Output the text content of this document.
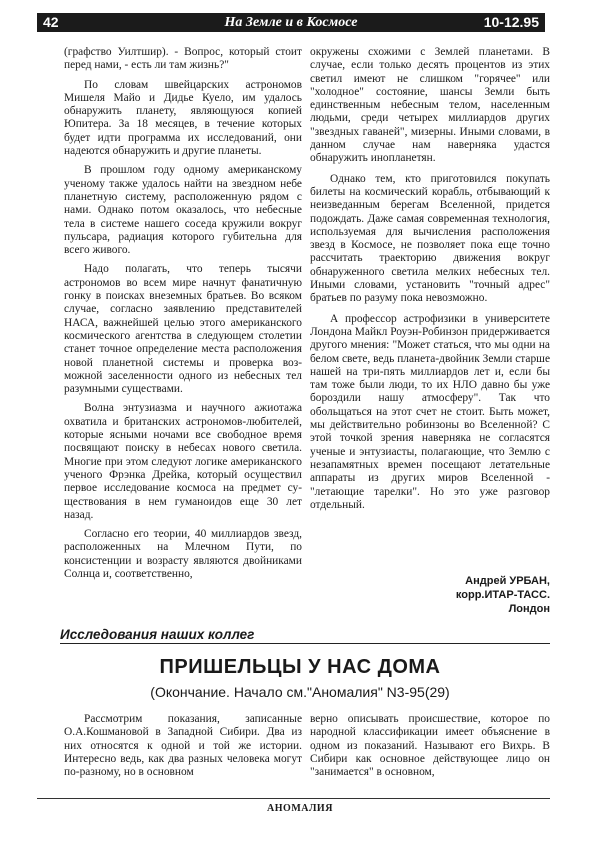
42	На Земле и в Космосе	10-12.95

(графство Уилтшир). - Вопрос, который стоит перед нами, - есть ли там жизнь?"

По словам швейцарских астрономов Мишеля Майо и Дидье Куело, им удалось обнаружить планету, являющуюся копией Юпитера. За 18 месяцев, в течение которых будет идти программа их исследований, они надеются обнаружить и другие планеты.

В прошлом году одному американскому ученому также удалось найти на звездном небе планетную систему, расположенную рядом с нами. Однако потом оказалось, что небесные тела в системе нашего соседа кружили вокруг пульсара, радиация которого губительна для всего живого.

Надо полагать, что теперь тысячи астрономов во всем мире начнут фанатичную гонку в поисках внеземных братьев. Во всяком случае, согласно заявлению представителей НАСА, важнейшей целью этого американского космического агентства в следующем столетии станет точное определение места расположения новой планетной системы и проверка возможной заселенности одного из небесных тел разумными существами.

Волна энтузиазма и научного ажиотажа охватила и британских астрономов-любителей, которые ясными ночами все свободное время посвящают поиску в небесах нового светила. Многие при этом следуют логике американского ученого Фрэнка Дрейка, который осуществил первое исследование космоса на предмет существования в нем гуманоидов еще 30 лет назад.

Согласно его теории, 40 миллиардов звезд, расположенных на Млечном Пути, по консистенции и возрасту являются двойниками Солнца и, соответственно,

окружены схожими с Землей планетами. В случае, если только десять процентов из этих светил имеют не слишком "горячее" или "холодное" состояние, шансы Земли быть единственным небесным телом, населенным людьми, среди четырех миллиардов других "звездных гаваней", мизерны. Иными словами, в данном случае нам наверняка удастся обнаружить инопланетян.

Однако тем, кто приготовился покупать билеты на космический корабль, отбывающий к неизведанным берегам Вселенной, придется подождать. Даже самая современная технология, используемая для вычисления расположения звезд в Космосе, не позволяет пока еще точно рассчитать траекторию движения вокруг обнаруженного светила мелких небесных тел. Иными словами, установить "точный адрес" братьев по разуму пока невозможно.

А профессор астрофизики в университете Лондона Майкл Роуэн-Робинзон придерживается другого мнения: "Может статься, что мы одни на белом свете, ведь планета-двойник Земли старше нашей на три-пять миллиардов лет и, если бы там тоже были люди, то их НЛО давно бы уже бороздили нашу атмосферу". Так что обольщаться на этот счет не стоит. Быть может, мы действительно робинзоны во Вселенной? С этой точкой зрения наверняка не согласятся ученые и энтузиасты, полагающие, что Землю с незапамятных времен посещают летательные аппараты из других миров Вселенной - "летающие тарелки". Но это уже разговор отдельный.

Андрей УРБАН,
корр.ИТАР-ТАСС.
Лондон
Исследования наших коллег
ПРИШЕЛЬЦЫ У НАС ДОМА
(Окончание. Начало см."Аномалия" N3-95(29)

Рассмотрим показания, записанные О.А.Кошмановой в Западной Сибири. Два из них относятся к одной и той же истории. Интересно ведь, как два разных человека могут по-разному, но в основном

верно описывать происшествие, которое по народной классификации имеет объяснение в одном из показаний. Называют его Вихрь. В Сибири как основное действующее лицо он "занимается" в основном,

АНОМАЛИЯ
